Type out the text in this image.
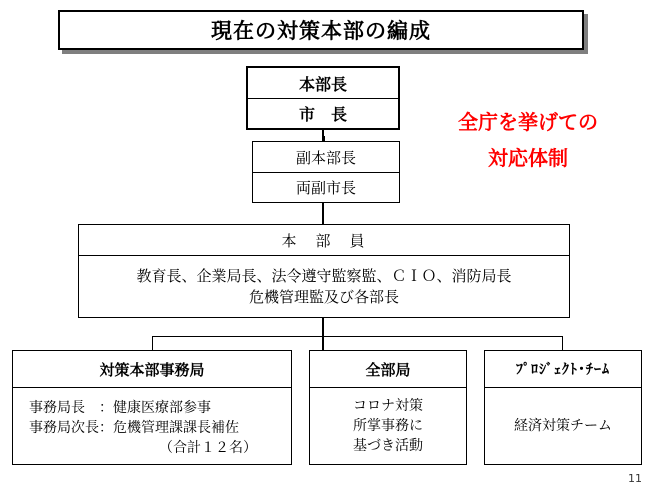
現在の対策本部の編成
本部長
市　長
副本部長
両副市長
全庁を挙げての
対応体制
本　部　員
教育長、企業局長、法令遵守監察監、ＣＩＯ、消防局長
危機管理監及び各部長
対策本部事務局
事務局長　：健康医療部参事
事務局次長：危機管理課課長補佐
（合計１２名）
全部局
コロナ対策
所掌事務に
基づき活動
ﾌﾟﾛｼﾞｪｸﾄ･ﾁｰﾑ
経済対策チーム
11
